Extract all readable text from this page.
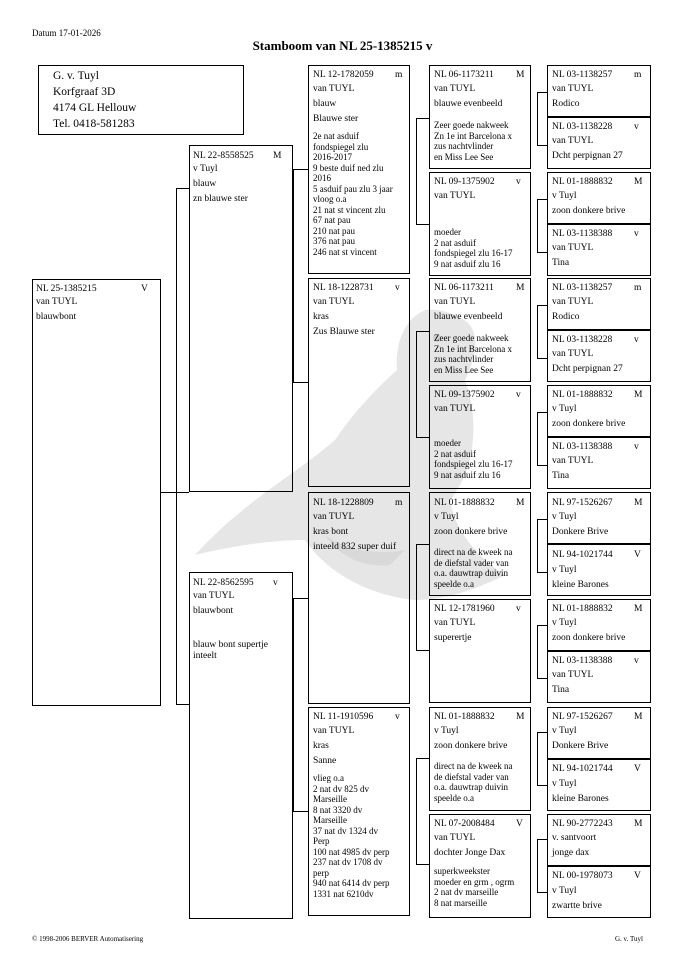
Datum 17-01-2026
Stamboom van NL 25-1385215 v
G. v. Tuyl
Korfgraaf 3D
4174 GL Hellouw
Tel. 0418-581283
NL 25-1385215	V
van TUYL
blauwbont
NL 22-8558525 M
v Tuyl
blauw
zn blauwe ster
NL 22-8562595 v
van TUYL
blauwbont
blauw bont supertje
inteelt
NL 12-1782059 m
van TUYL
blauw
Blauwe ster
2e nat asduif
fondspiegel zlu
2016-2017
9 beste duif ned zlu
2016
5 asduif pau zlu 3 jaar
vloog o.a
21 nat st vincent zlu
67 nat pau
210 nat pau
376 nat pau
246 nat st vincent
NL 18-1228731 v
van TUYL
kras
Zus Blauwe ster
NL 18-1228809 m
van TUYL
kras bont
inteeld 832 super duif
NL 11-1910596 v
van TUYL
kras
Sanne
vlieg o.a
2 nat dv 825 dv
Marseille
8 nat 3320 dv
Marseille
37 nat dv 1324 dv
Perp
100 nat 4985 dv perp
237 nat dv 1708 dv
perp
940 nat 6414 dv perp
1331 nat 6210dv
NL 06-1173211 M
van TUYL
blauwe evenbeeld
Zeer goede nakweek
Zn 1e int Barcelona x
zus nachtvlinder
en Miss Lee See
NL 09-1375902 v
van TUYL
moeder
2 nat asduif
fondspiegel zlu 16-17
9 nat asduif zlu 16
NL 06-1173211 M
van TUYL
blauwe evenbeeld
Zeer goede nakweek
Zn 1e int Barcelona x
zus nachtvlinder
en Miss Lee See
NL 09-1375902 v
van TUYL
moeder
2 nat asduif
fondspiegel zlu 16-17
9 nat asduif zlu 16
NL 01-1888832 M
v Tuyl
zoon donkere brive
direct na de kweek na
de diefstal vader van
o.a. dauwtrap duivin
speelde o.a
NL 12-1781960 v
van TUYL
superertje
NL 01-1888832 M
v Tuyl
zoon donkere brive
direct na de kweek na
de diefstal vader van
o.a. dauwtrap duivin
speelde o.a
NL 07-2008484 V
van TUYL
dochter Jonge Dax
superkweekster
moeder en grm , ogrm
2 nat dv marseille
8 nat marseille
NL 03-1138257 m
van TUYL
Rodico
NL 03-1138228 v
van TUYL
Dcht perpignan 27
NL 01-1888832 M
v Tuyl
zoon donkere brive
NL 03-1138388 v
van TUYL
Tina
NL 03-1138257 m
van TUYL
Rodico
NL 03-1138228 v
van TUYL
Dcht perpignan 27
NL 01-1888832 M
v Tuyl
zoon donkere brive
NL 03-1138388 v
van TUYL
Tina
NL 97-1526267 M
v Tuyl
Donkere Brive
NL 94-1021744 V
v Tuyl
kleine Barones
NL 01-1888832 M
v Tuyl
zoon donkere brive
NL 03-1138388 v
van TUYL
Tina
NL 97-1526267 M
v Tuyl
Donkere Brive
NL 94-1021744 V
v Tuyl
kleine Barones
NL 90-2772243 M
v. santvoort
jonge dax
NL 00-1978073 V
v Tuyl
zwartte brive
© 1998-2006 BERVER Automatisering	G. v. Tuyl
